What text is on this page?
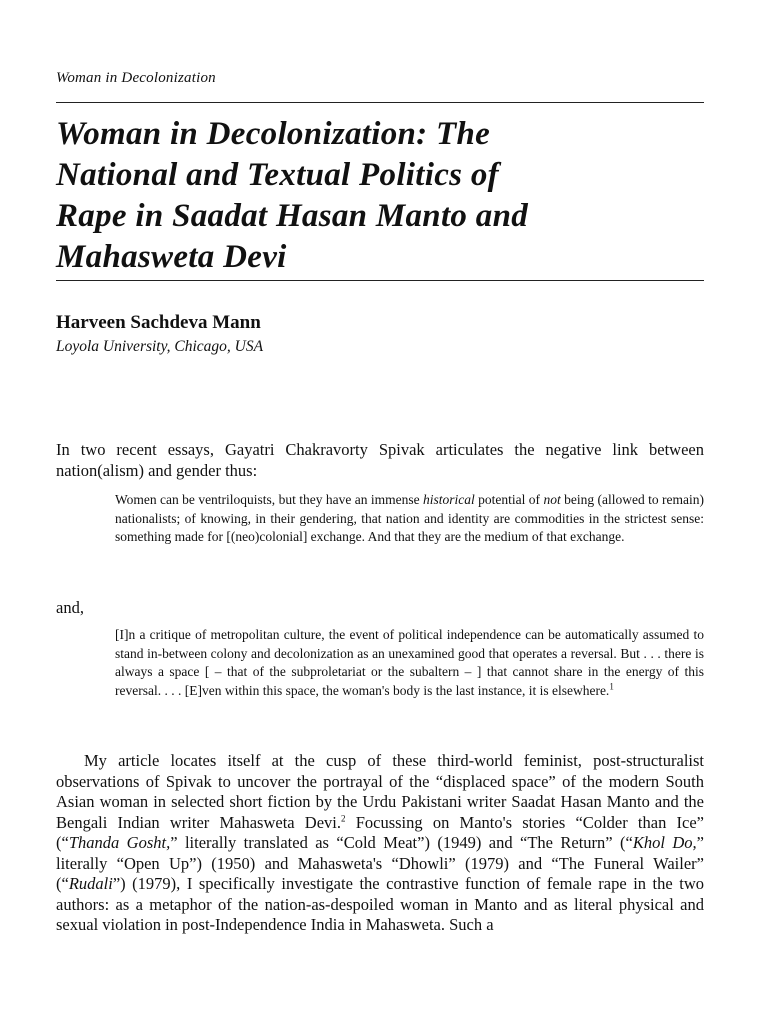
Woman in Decolonization
Woman in Decolonization: The
National and Textual Politics of
Rape in Saadat Hasan Manto and
Mahasweta Devi
Harveen Sachdeva Mann
Loyola University, Chicago, USA

In two recent essays, Gayatri Chakravorty Spivak articulates the negative link between nation(alism) and gender thus:

Women can be ventriloquists, but they have an immense historical potential of not being (allowed to remain) nationalists; of knowing, in their gendering, that nation and identity are commodities in the strictest sense: something made for [(neo)colonial] exchange. And that they are the medium of that exchange.

and,

[I]n a critique of metropolitan culture, the event of political independence can be automatically assumed to stand in-between colony and decolonization as an unexamined good that operates a reversal. But . . . there is always a space [ – that of the subproletariat or the subaltern – ] that cannot share in the energy of this reversal. . . . [E]ven within this space, the woman's body is the last instance, it is elsewhere.$^1$

My article locates itself at the cusp of these third-world feminist, post-structuralist observations of Spivak to uncover the portrayal of the “displaced space” of the modern South Asian woman in selected short fiction by the Urdu Pakistani writer Saadat Hasan Manto and the Bengali Indian writer Mahasweta Devi.$^2$ Focussing on Manto's stories “Colder than Ice” (“Thanda Gosht,” literally translated as “Cold Meat”) (1949) and “The Return” (“Khol Do,” literally “Open Up”) (1950) and Mahasweta's “Dhowli” (1979) and “The Funeral Wailer” (“Rudali”) (1979), I specifically investigate the contrastive function of female rape in the two authors: as a metaphor of the nation-as-despoiled woman in Manto and as literal physical and sexual violation in post-Independence India in Mahasweta. Such a
